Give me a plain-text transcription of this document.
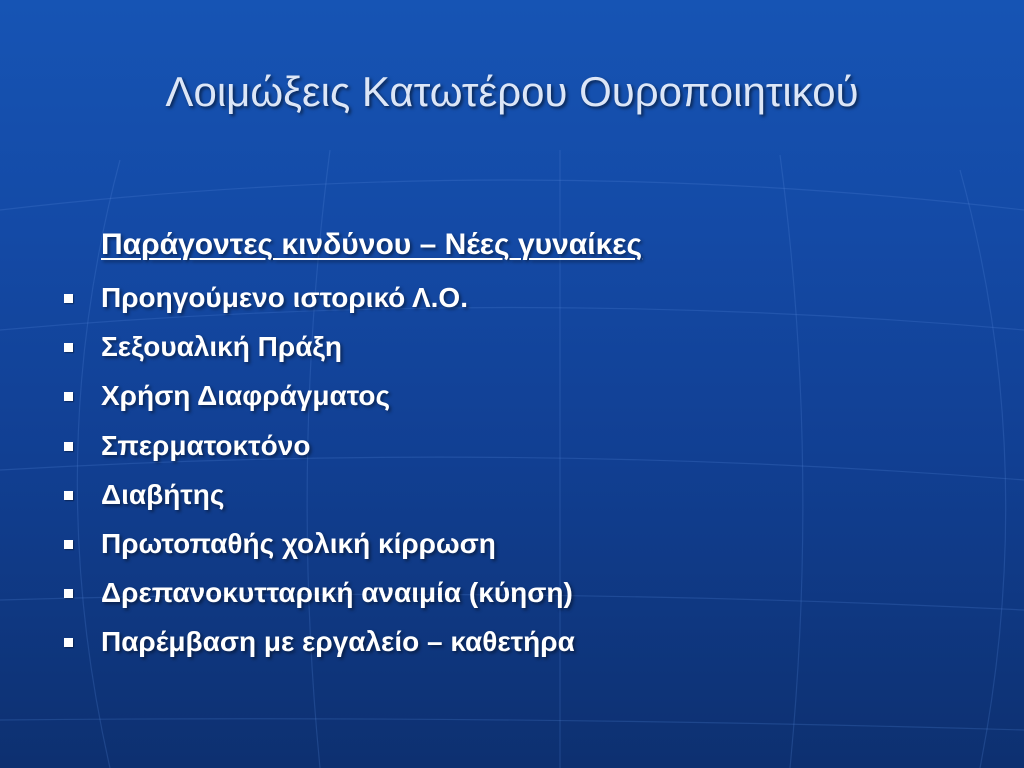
Λοιμώξεις Κατωτέρου Ουροποιητικού
Παράγοντες κινδύνου – Νέες γυναίκες
Προηγούμενο ιστορικό Λ.Ο.
Σεξουαλική Πράξη
Χρήση Διαφράγματος
Σπερματοκτόνο
Διαβήτης
Πρωτοπαθής χολική κίρρωση
Δρεπανοκυτταρική αναιμία (κύηση)
Παρέμβαση με εργαλείο – καθετήρα
